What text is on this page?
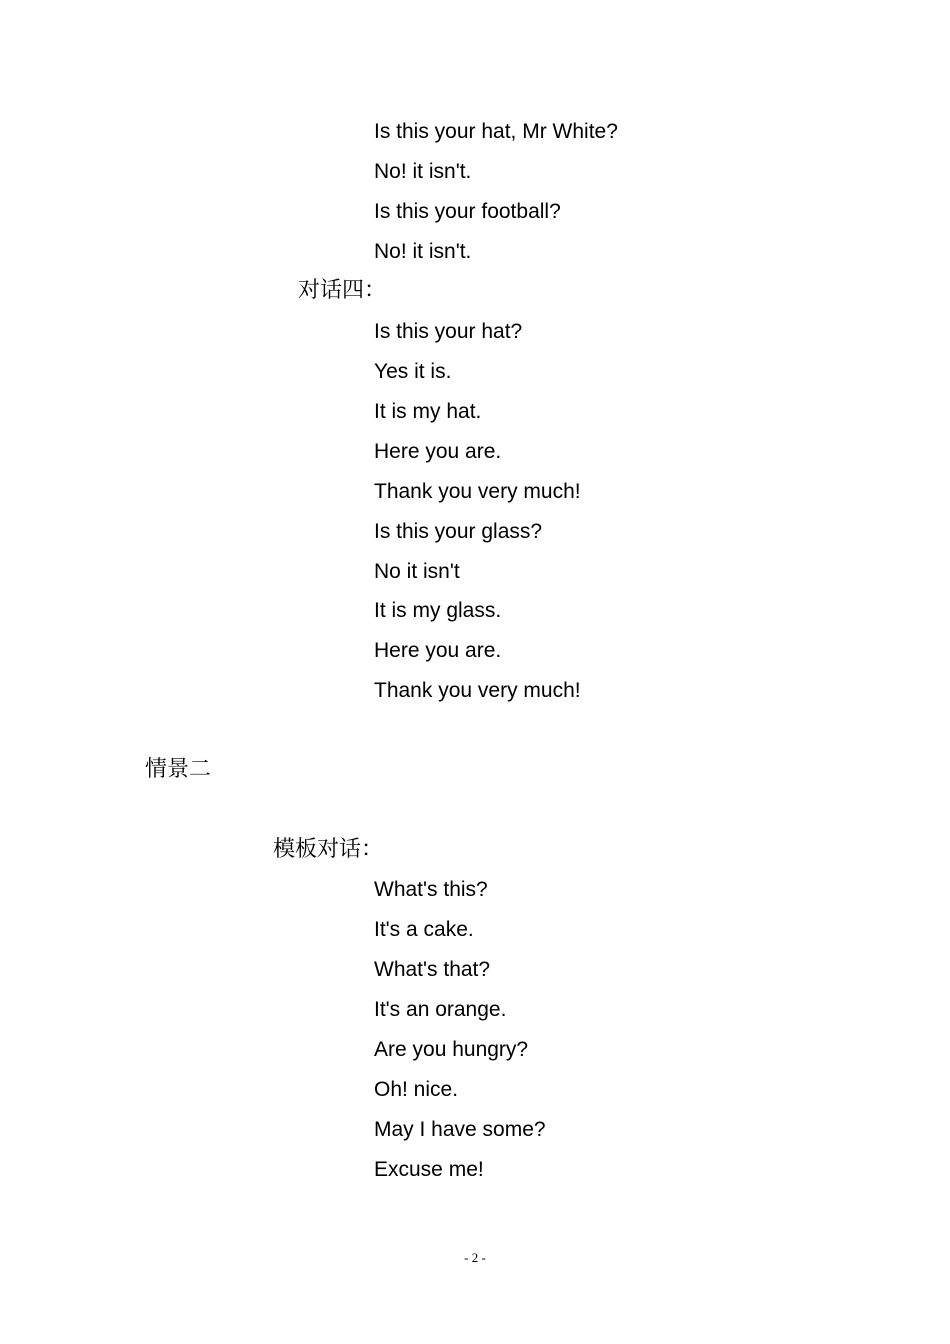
Is this your hat, Mr White?
No! it isn't.
Is this your football?
No! it isn't.
对话四：
Is this your hat?
Yes it is.
It is my hat.
Here you are.
Thank you very much!
Is this your glass?
No it isn't
It is my glass.
Here you are.
Thank you very much!
情景二
模板对话：
What's this?
It's a cake.
What's that?
It's an orange.
Are you hungry?
Oh! nice.
May I have some?
Excuse me!
- 2 -
